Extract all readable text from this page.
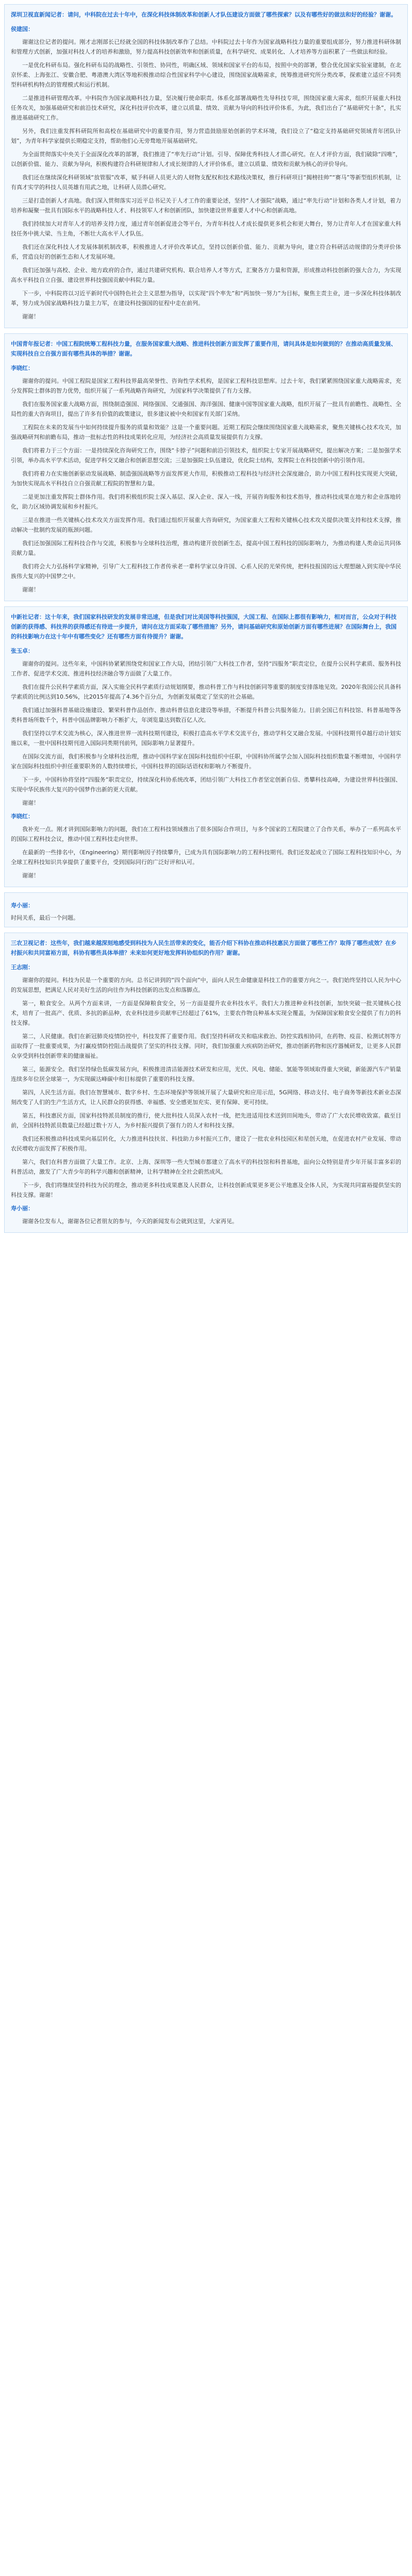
深圳卫视直新闻记者：请问，中科院在过去十年中，在深化科技体制改革和创新人才队伍建设方面做了哪些探索？以及有哪些好的做法和好的经验？谢谢。

侯建国：

谢谢这位记者的提问。刚才志刚部长已经就全国的科技体制改革作了总结。中科院过去十年作为国家战略科技力量的重要组成部分，努力推进科研体制和管理方式创新，加强对科技人才的培养和激励，努力提高科技创新效率和创新质量，在科学研究、成果转化、人才培养等方面积累了一些做法和经验。

一是优化科研布局。强化科研布局的战略性、引领性、协同性，明确区域、领域和国家平台的布局，按照中央的部署，整合优化国家实验室建制，在北京怀柔、上海张江、安徽合肥、粤港澳大湾区等地积极推动综合性国家科学中心建设，围绕国家战略需求，统筹推进研究所分类改革，探索建立适应不同类型科研机构特点的管理模式和运行机制。

二是推进科研管理改革。中科院作为国家战略科技力量，坚决履行使命职责。体系化部署战略性先导科技专项，围绕国家重大需求，组织开展重大科技任务攻关，加强基础研究和前沿技术研究，深化科技评价改革，建立以质量、绩效、贡献为导向的科技评价体系，为此，我们出台了“基础研究十条”，扎实推进基础研究工作。

另外，我们注重发挥科研院所和高校在基础研究中的重要作用，努力营造鼓励原始创新的学术环境，我们设立了“稳定支持基础研究领域青年团队计划”，为青年科学家提供长期稳定支持，帮助他们心无旁骛地开展基础研究。

为全面贯彻落实中央关于全面深化改革的部署，我们推进了“率先行动”计划。引导、保障优秀科技人才潜心研究。在人才评价方面，我们破除“四唯”，以创新价值、能力、贡献为导向，积极构建符合科研规律和人才成长规律的人才评价体系，建立以质量、绩效和贡献为核心的评价导向。

我们还在继续深化科研领域“放管服”改革，赋予科研人员更大的人财物支配权和技术路线决策权，推行科研项目“揭榜挂帅”“赛马”等新型组织机制，让有真才实学的科技人员英雄有用武之地，让科研人员潜心研究。

三是打造创新人才高地。我们深入贯彻落实习近平总书记关于人才工作的重要论述，坚持“人才强院”战略，通过“率先行动”计划和各类人才计划，着力培养和凝聚一批具有国际水平的战略科技人才、科技领军人才和创新团队，加快建设世界重要人才中心和创新高地。

我们持续加大对青年人才的培养支持力度，通过青年创新促进会等平台，为青年科技人才成长提供更多机会和更大舞台，努力让青年人才在国家重大科技任务中挑大梁、当主角，不断壮大高水平人才队伍。

我们还在深化科技人才发展体制机制改革，积极推进人才评价改革试点，坚持以创新价值、能力、贡献为导向，建立符合科研活动规律的分类评价体系，营造良好的创新生态和人才发展环境。

我们还加强与高校、企业、地方政府的合作，通过共建研究机构、联合培养人才等方式，汇聚各方力量和资源，形成推动科技创新的强大合力，为实现高水平科技自立自强、建设世界科技强国贡献中科院力量。

下一步，中科院将以习近平新时代中国特色社会主义思想为指导，以实现“四个率先”和“两加快一努力”为目标，聚焦主责主业，进一步深化科技体制改革，努力成为国家战略科技力量主力军，在建设科技强国的征程中走在前列。

谢谢！

中国青年报记者：中国工程院统筹工程科技力量，在服务国家重大战略、推进科技创新方面发挥了重要作用，请问具体是如何做到的？在推动高质量发展、实现科技自立自强方面有哪些具体的举措？谢谢。

李晓红：

谢谢你的提问。中国工程院是国家工程科技界最高荣誉性、咨询性学术机构，是国家工程科技思想库。过去十年，我们紧紧围绕国家重大战略需求，充分发挥院士群体的智力优势，组织开展了一系列战略咨询研究，为国家科学决策提供了有力支撑。

我们在服务国家重大战略方面，围绕制造强国、网络强国、交通强国、海洋强国、健康中国等国家重大战略，组织开展了一批具有前瞻性、战略性、全局性的重大咨询项目，提出了许多有价值的政策建议，很多建议被中央和国家有关部门采纳。

工程院在未来的发展当中如何持续提升服务的质量和效能？这是一个重要问题。近期工程院会继续围绕国家重大战略需求，聚焦关键核心技术攻关，加强战略研判和前瞻布局，推动一批标志性的科技成果转化应用，为经济社会高质量发展提供有力支撑。

我们将着力于三个方面：一是持续深化咨询研究工作，围绕“卡脖子”问题和前沿引领技术，组织院士专家开展战略研究，提出解决方案；二是加强学术引领，举办高水平学术活动，促进学科交叉融合和创新思想交流；三是加强院士队伍建设，优化院士结构，发挥院士在科技创新中的引领作用。

我们将着力在实施创新驱动发展战略、制造强国战略等方面发挥更大作用，积极推动工程科技与经济社会深度融合，助力中国工程科技实现更大突破，为加快实现高水平科技自立自强贡献工程院的智慧和力量。

二是更加注重发挥院士群体作用。我们将积极组织院士深入基层、深入企业、深入一线，开展咨询服务和技术指导，推动科技成果在地方和企业落地转化，助力区域协调发展和乡村振兴。

三是在推进一些关键核心技术攻关方面发挥作用。我们通过组织开展重大咨询研究，为国家重大工程和关键核心技术攻关提供决策支持和技术支撑，推动解决一批制约发展的瓶颈问题。

我们还加强国际工程科技合作与交流，积极参与全球科技治理，推动构建开放创新生态，提高中国工程科技的国际影响力，为推动构建人类命运共同体贡献力量。

我们将会大力弘扬科学家精神，引导广大工程科技工作者传承老一辈科学家以身许国、心系人民的光荣传统，把科技报国的远大理想融入到实现中华民族伟大复兴的中国梦之中。

谢谢！

中新社记者：这十年来，我们国家科技研发的发展非常迅速，但是我们对比美国等科技强国，大国工程、在国际上都很有影响力，相对而言，公众对于科技创新的获得感、科技界的获得感还有待进一步提升，请问在这方面采取了哪些措施？另外，请问基础研究和原始创新方面有哪些进展？在国际舞台上，我国的科技影响力在这十年中有哪些变化？还有哪些方面有待提升？谢谢。

张玉卓：

谢谢你的提问。这些年来，中国科协紧紧围绕党和国家工作大局，团结引领广大科技工作者，坚持“四服务”职责定位，在提升公民科学素质、服务科技工作者、促进学术交流、推进科技经济融合等方面做了大量工作。

我们在提升公民科学素质方面，深入实施全民科学素质行动规划纲要，推动科普工作与科技创新同等重要的制度安排落地见效。2020年我国公民具备科学素质的比例达到10.56%，比2015年提高了4.36个百分点，为创新发展奠定了坚实的社会基础。

我们通过加强科普基础设施建设、繁荣科普作品创作、推动科普信息化建设等举措，不断提升科普公共服务能力。目前全国已有科技馆、科普基地等各类科普场所数千个，科普中国品牌影响力不断扩大，年浏览量达到数百亿人次。

我们坚持以学术交流为核心，深入推进世界一流科技期刊建设，积极打造高水平学术交流平台，推动学科交叉融合发展。中国科技期刊卓越行动计划实施以来，一批中国科技期刊进入国际同类期刊前列，国际影响力显著提升。

在国际交流方面，我们积极参与全球科技治理，推动中国科学家在国际科技组织中任职，中国科协所属学会加入国际科技组织数量不断增加，中国科学家在国际科技组织中担任重要职务的人数持续增长，中国科技界的国际话语权和影响力不断提升。

下一步，中国科协将坚持“四服务”职责定位，持续深化科协系统改革，团结引领广大科技工作者坚定创新自信、勇攀科技高峰，为建设世界科技强国、实现中华民族伟大复兴的中国梦作出新的更大贡献。

谢谢！

李晓红：

我补充一点。刚才讲到国际影响力的问题，我们在工程科技领域推出了很多国际合作项目，与多个国家的工程院建立了合作关系，举办了一系列高水平的国际工程科技会议，推动中国工程科技走向世界。

在最新的一些排名中，《Engineering》期刊影响因子持续攀升，已成为具有国际影响力的工程科技期刊。我们还发起成立了国际工程科技知识中心，为全球工程科技知识共享提供了重要平台，受到国际同行的广泛好评和认可。

谢谢！

寿小丽：

时间关系，最后一个问题。

三农卫视记者：这些年，我们越来越深刻地感受到科技为人民生活带来的变化，能否介绍下科协在推动科技惠民方面做了哪些工作？取得了哪些成效？在乡村振兴和共同富裕方面，科协有哪些具体举措？未来如何更好地发挥科协组织的作用？谢谢。

王志刚：

谢谢你的提问。科技为民是一个重要的方向。总书记讲到的“四个面向”中，面向人民生命健康是科技工作的重要方向之一。我们始终坚持以人民为中心的发展思想，把满足人民对美好生活的向往作为科技创新的出发点和落脚点。

第一，粮食安全。从两个方面来讲，一方面是保障粮食安全，另一方面是提升农业科技水平。我们大力推进种业科技创新，加快突破一批关键核心技术，培育了一批高产、优质、多抗的新品种，农业科技进步贡献率已经超过了61%，主要农作物良种基本实现全覆盖，为保障国家粮食安全提供了有力的科技支撑。

第二，人民健康。我们在新冠肺炎疫情防控中，科技发挥了重要作用。我们坚持科研攻关和临床救治、防控实践相协同，在药物、疫苗、检测试剂等方面取得了一批重要成果，为打赢疫情防控阻击战提供了坚实的科技支撑。同时，我们加强重大疾病防治研究，推动创新药物和医疗器械研发，让更多人民群众享受到科技创新带来的健康福祉。

第三，能源安全。我们坚持绿色低碳发展方向，积极推进清洁能源技术研发和应用，光伏、风电、储能、氢能等领域取得重大突破，新能源汽车产销量连续多年位居全球第一，为实现碳达峰碳中和目标提供了重要的科技支撑。

第四，人民生活方面。我们在智慧城市、数字乡村、生态环境保护等领域开展了大量研究和应用示范，5G网络、移动支付、电子商务等新技术新业态深刻改变了人们的生产生活方式，让人民群众的获得感、幸福感、安全感更加充实、更有保障、更可持续。

第五，科技惠民方面，国家科技特派员制度的推行，使大批科技人员深入农村一线，把先进适用技术送到田间地头，带动了广大农民增收致富。截至目前，全国科技特派员数量已经超过数十万人，为乡村振兴提供了强有力的人才和科技支撑。

我们还积极推动科技成果向基层转化，大力推进科技扶贫、科技助力乡村振兴工作，建设了一批农业科技园区和星创天地，在促进农村产业发展、带动农民增收方面发挥了积极作用。

第六，我们在科普方面做了大量工作。北京、上海、深圳等一些大型城市都建立了高水平的科技馆和科普基地，面向公众特别是青少年开展丰富多彩的科普活动，激发了广大青少年的科学兴趣和创新精神，让科学精神在全社会蔚然成风。

下一步，我们将继续坚持科技为民的理念，推动更多科技成果惠及人民群众，让科技创新成果更多更公平地惠及全体人民，为实现共同富裕提供坚实的科技支撑。谢谢！

寿小丽：

谢谢各位发布人，谢谢各位记者朋友的参与，今天的新闻发布会就到这里，大家再见。
